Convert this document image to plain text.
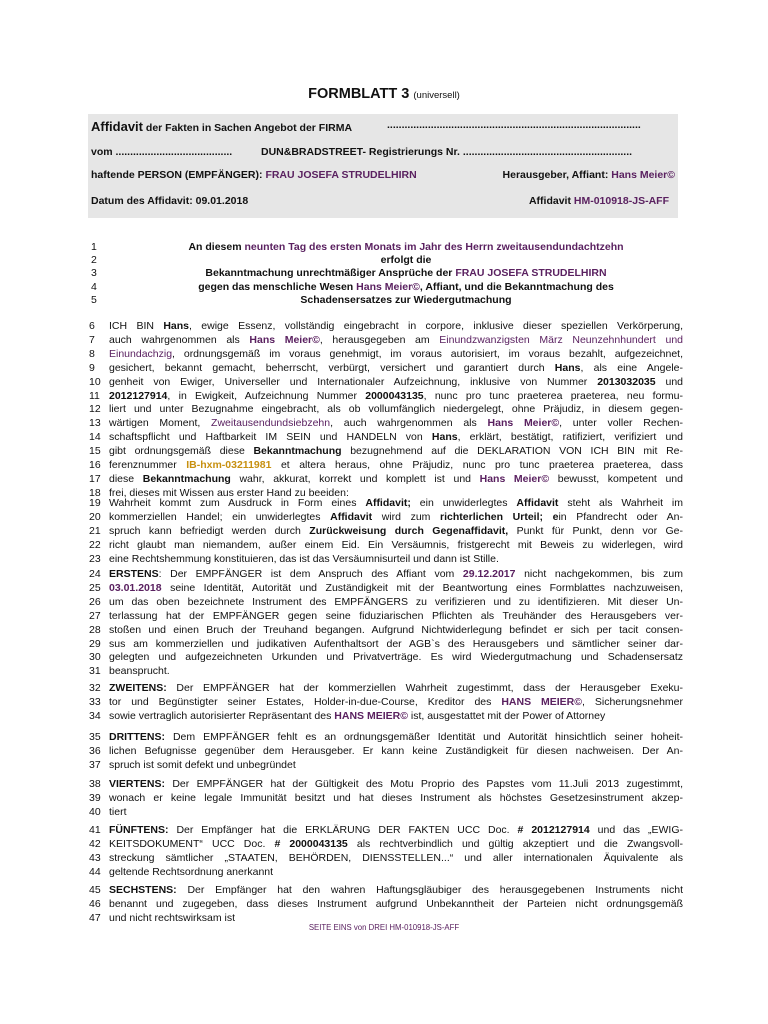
FORMBLATT 3 (universell)
Affidavit der Fakten in Sachen Angebot der FIRMA	.......................................................................................
vom ........................................	DUN&BRADSTREET- Registrierungs Nr. ..........................................................
haftende PERSON (EMPFÄNGER): FRAU JOSEFA STRUDELHIRN	Herausgeber, Affiant: Hans Meier©
Datum des Affidavit: 09.01.2018	Affidavit HM-010918-JS-AFF
1	An diesem neunten Tag des ersten Monats im Jahr des Herrn zweitausendundachtzehn
2	erfolgt die
3	Bekanntmachung unrechtmäßiger Ansprüche der FRAU JOSEFA STRUDELHIRN
4	gegen das menschliche Wesen Hans Meier©, Affiant, und die Bekanntmachung des
5	Schadensersatzes zur Wiedergutmachung
6	ICH BIN Hans, ewige Essenz, vollständig eingebracht in corpore, inklusive dieser speziellen Verkörperung,
7	auch wahrgenommen als Hans Meier©, herausgegeben am Einundzwanzigsten März Neunzehnhundert und
8	Einundachzig, ordnungsgemäß im voraus genehmigt, im voraus autorisiert, im voraus bezahlt, aufgezeichnet,
9	gesichert, bekannt gemacht, beherrscht, verbürgt, versichert und garantiert durch Hans, als eine Angele-
10 genheit von Ewiger, Universeller und Internationaler Aufzeichnung, inklusive von Nummer 2013032035 und
11 2012127914, in Ewigkeit, Aufzeichnung Nummer 2000043135, nunc pro tunc praeterea praeterea, neu formu-
12 liert und unter Bezugnahme eingebracht, als ob vollumfänglich niedergelegt, ohne Präjudiz, in diesem gegen-
13 wärtigen Moment, Zweitausendundsiebzehn, auch wahrgenommen als Hans Meier©, unter voller Rechen-
14 schaftspflicht und Haftbarkeit IM SEIN und HANDELN von Hans, erklärt, bestätigt, ratifiziert, verifiziert und
15 gibt ordnungsgemäß diese Bekanntmachung bezugnehmend auf die DEKLARATION VON ICH BIN mit Re-
16 ferenznummer IB-hxm-03211981 et altera heraus, ohne Präjudiz, nunc pro tunc praeterea praeterea, dass
17 diese Bekanntmachung wahr, akkurat, korrekt und komplett ist und Hans Meier© bewusst, kompetent und
18 frei, dieses mit Wissen aus erster Hand zu beeiden:
19 Wahrheit kommt zum Ausdruck in Form eines Affidavit; ein unwiderlegtes Affidavit steht als Wahrheit im
20 kommerziellen Handel; ein unwiderlegtes Affidavit wird zum richterlichen Urteil; ein Pfandrecht oder An-
21 spruch kann befriedigt werden durch Zurückweisung durch Gegenaffidavit, Punkt für Punkt, denn vor Ge-
22 richt glaubt man niemandem, außer einem Eid. Ein Versäumnis, fristgerecht mit Beweis zu widerlegen, wird
23 eine Rechtshemmung konstituieren, das ist das Versäumnisurteil und dann ist Stille.
24 ERSTENS: Der EMPFÄNGER ist dem Anspruch des Affiant vom 29.12.2017 nicht nachgekommen, bis zum
25 03.01.2018 seine Identität, Autorität und Zuständigkeit mit der Beantwortung eines Formblattes nachzuweisen,
26 um das oben bezeichnete Instrument des EMPFÄNGERS zu verifizieren und zu identifizieren. Mit dieser Un-
27 terlassung hat der EMPFÄNGER gegen seine fiduziarischen Pflichten als Treuhänder des Herausgebers ver-
28 stoßen und einen Bruch der Treuhand begangen. Aufgrund Nichtwiderlegung befindet er sich per tacit consen-
29 sus am kommerziellen und judikativen Aufenthaltsort der AGB`s des Herausgebers und sämtlicher seiner dar-
30 gelegten und aufgezeichneten Urkunden und Privatverträge. Es wird Wiedergutmachung und Schadensersatz
31 beansprucht.
32 ZWEITENS: Der EMPFÄNGER hat der kommerziellen Wahrheit zugestimmt, dass der Herausgeber Exeku-
33 tor und Begünstigter seiner Estates, Holder-in-due-Course, Kreditor des HANS MEIER©, Sicherungsnehmer
34 sowie vertraglich autorisierter Repräsentant des HANS MEIER© ist, ausgestattet mit der Power of Attorney
35 DRITTENS: Dem EMPFÄNGER fehlt es an ordnungsgemäßer Identität und Autorität hinsichtlich seiner hoheit-
36 lichen Befugnisse gegenüber dem Herausgeber. Er kann keine Zuständigkeit für diesen nachweisen. Der An-
37 spruch ist somit defekt und unbegründet
38 VIERTENS: Der EMPFÄNGER hat der Gültigkeit des Motu Proprio des Papstes vom 11.Juli 2013 zugestimmt,
39 wonach er keine legale Immunität besitzt und hat dieses Instrument als höchstes Gesetzesinstrument akzep-
40 tiert
41 FÜNFTENS: Der Empfänger hat die ERKLÄRUNG DER FAKTEN UCC Doc. # 2012127914 und das „EWIG-
42 KEITSDOKUMENT“ UCC Doc. # 2000043135 als rechtverbindlich und gültig akzeptiert und die Zwangsvoll-
43 streckung sämtlicher „STAATEN, BEHÖRDEN, DIENSSTELLEN...“ und aller internationalen Äquivalente als
44 geltende Rechtsordnung anerkannt
45 SECHSTENS: Der Empfänger hat den wahren Haftungsgläubiger des herausgegebenen Instruments nicht
46 benannt und zugegeben, dass dieses Instrument aufgrund Unbekanntheit der Parteien nicht ordnungsgemäß
47 und nicht rechtswirksam ist
SEITE EINS von DREI HM-010918-JS-AFF
